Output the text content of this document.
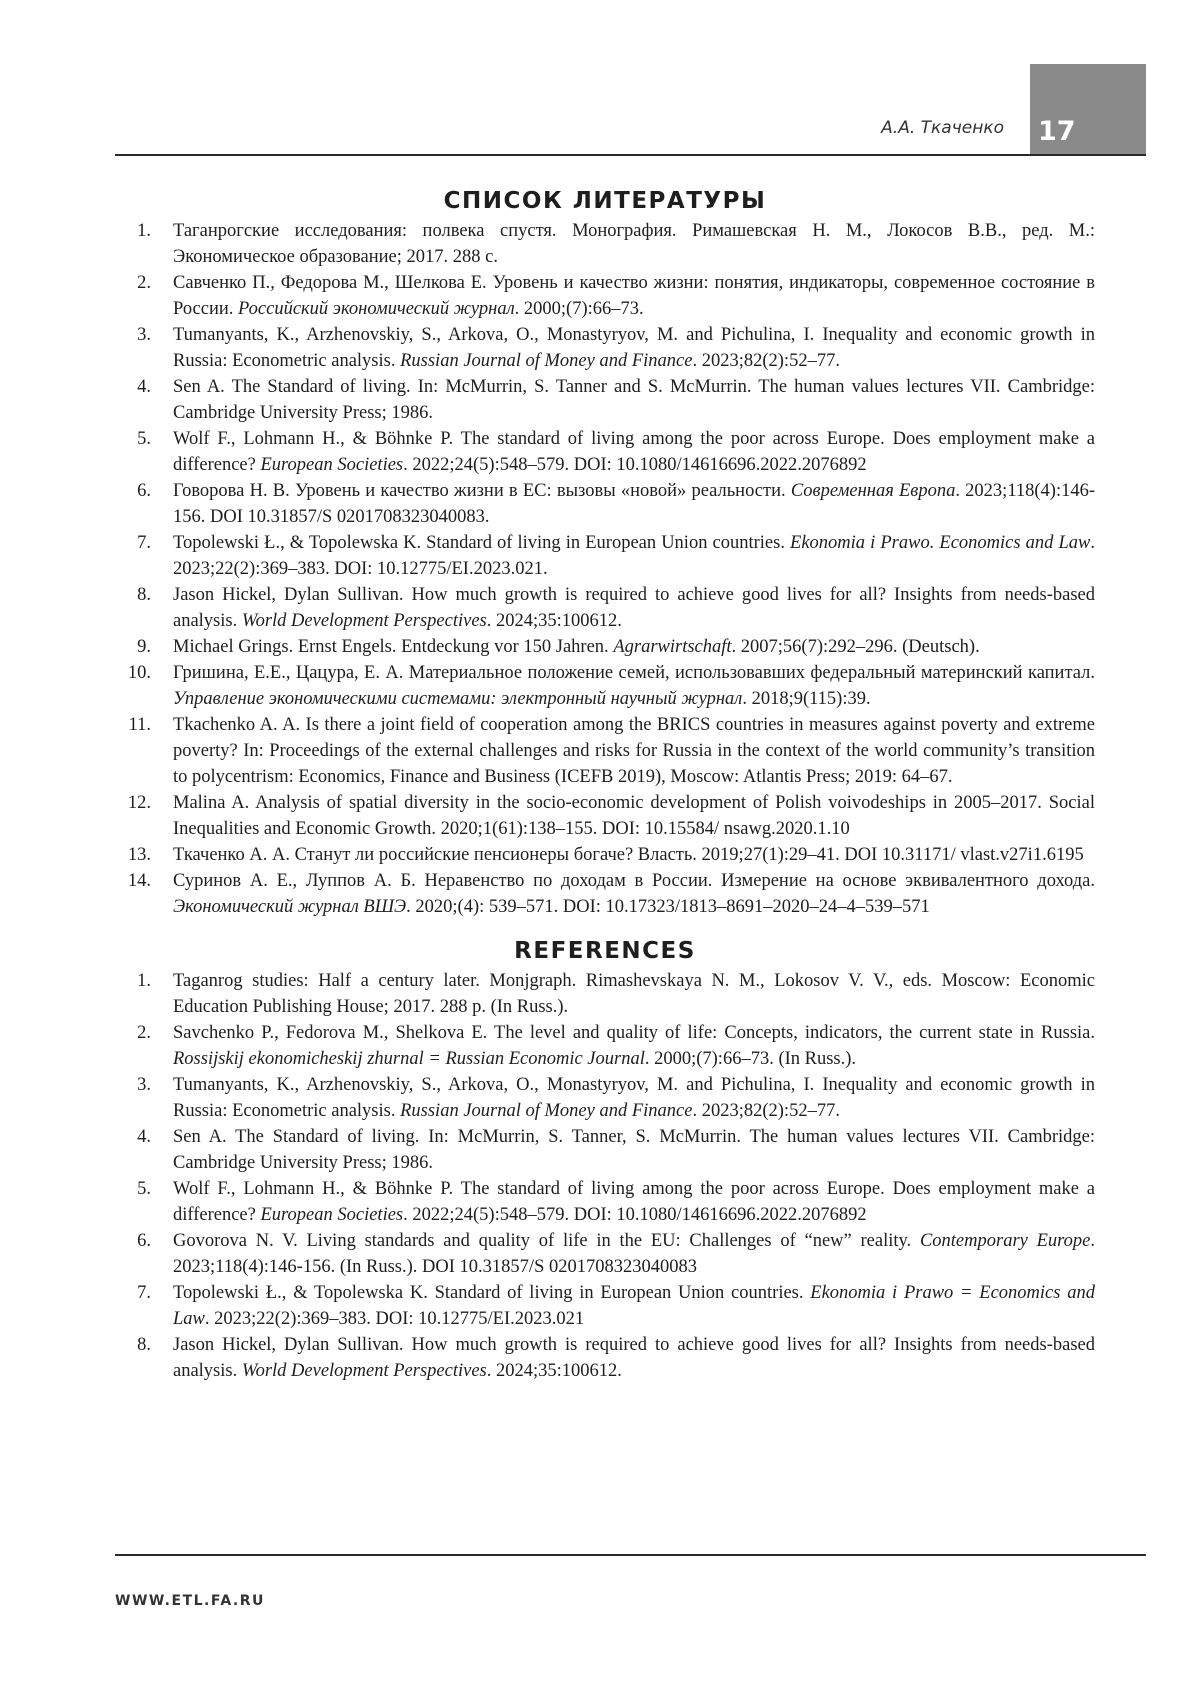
17
А.А. Ткаченко
СПИСОК ЛИТЕРАТУРЫ
1. Таганрогские исследования: полвека спустя. Монография. Римашевская Н. М., Локосов В.В., ред. М.: Экономическое образование; 2017. 288 с.
2. Савченко П., Федорова М., Шелкова Е. Уровень и качество жизни: понятия, индикаторы, современное состояние в России. Российский экономический журнал. 2000;(7):66–73.
3. Tumanyants, K., Arzhenovskiy, S., Arkova, O., Monastyryov, M. and Pichulina, I. Inequality and economic growth in Russia: Econometric analysis. Russian Journal of Money and Finance. 2023;82(2):52–77.
4. Sen A. The Standard of living. In: McMurrin, S. Tanner and S. McMurrin. The human values lectures VII. Cambridge: Cambridge University Press; 1986.
5. Wolf F., Lohmann H., & Böhnke P. The standard of living among the poor across Europe. Does employment make a difference? European Societies. 2022;24(5):548–579. DOI: 10.1080/14616696.2022.2076892
6. Говорова Н. В. Уровень и качество жизни в ЕС: вызовы «новой» реальности. Современная Европа. 2023;118(4):146-156. DOI 10.31857/S 0201708323040083.
7. Topolewski Ł., & Topolewska K. Standard of living in European Union countries. Ekonomia i Prawo. Economics and Law. 2023;22(2):369–383. DOI: 10.12775/EI.2023.021.
8. Jason Hickel, Dylan Sullivan. How much growth is required to achieve good lives for all? Insights from needs-based analysis. World Development Perspectives. 2024;35:100612.
9. Michael Grings. Ernst Engels. Entdeckung vor 150 Jahren. Agrarwirtschaft. 2007;56(7):292–296. (Deutsch).
10. Гришина, Е.Е., Цацура, Е. А. Материальное положение семей, использовавших федеральный материнский капитал. Управление экономическими системами: электронный научный журнал. 2018;9(115):39.
11. Tkachenko A. A. Is there a joint field of cooperation among the BRICS countries in measures against poverty and extreme poverty? In: Proceedings of the external challenges and risks for Russia in the context of the world community’s transition to polycentrism: Economics, Finance and Business (ICEFB 2019), Moscow: Atlantis Press; 2019: 64–67.
12. Malina A. Analysis of spatial diversity in the socio-economic development of Polish voivodeships in 2005–2017. Social Inequalities and Economic Growth. 2020;1(61):138–155. DOI: 10.15584/ nsawg.2020.1.10
13. Ткаченко А. А. Станут ли российские пенсионеры богаче? Власть. 2019;27(1):29–41. DOI 10.31171/ vlast.v27i1.6195
14. Суринов А. Е., Луппов А. Б. Неравенство по доходам в России. Измерение на основе эквивалентного дохода. Экономический журнал ВШЭ. 2020;(4): 539–571. DOI: 10.17323/1813–8691–2020–24–4–539–571
REFERENCES
1. Taganrog studies: Half a century later. Monjgraph. Rimashevskaya N. M., Lokosov V. V., eds. Moscow: Economic Education Publishing House; 2017. 288 p. (In Russ.).
2. Savchenko P., Fedorova M., Shelkova E. The level and quality of life: Concepts, indicators, the current state in Russia. Rossijskij ekonomicheskij zhurnal = Russian Economic Journal. 2000;(7):66–73. (In Russ.).
3. Tumanyants, K., Arzhenovskiy, S., Arkova, O., Monastyryov, M. and Pichulina, I. Inequality and economic growth in Russia: Econometric analysis. Russian Journal of Money and Finance. 2023;82(2):52–77.
4. Sen A. The Standard of living. In: McMurrin, S. Tanner, S. McMurrin. The human values lectures VII. Cambridge: Cambridge University Press; 1986.
5. Wolf F., Lohmann H., & Böhnke P. The standard of living among the poor across Europe. Does employment make a difference? European Societies. 2022;24(5):548–579. DOI: 10.1080/14616696.2022.2076892
6. Govorova N. V. Living standards and quality of life in the EU: Challenges of “new” reality. Contemporary Europe. 2023;118(4):146-156. (In Russ.). DOI 10.31857/S 0201708323040083
7. Topolewski Ł., & Topolewska K. Standard of living in European Union countries. Ekonomia i Prawo = Economics and Law. 2023;22(2):369–383. DOI: 10.12775/EI.2023.021
8. Jason Hickel, Dylan Sullivan. How much growth is required to achieve good lives for all? Insights from needs-based analysis. World Development Perspectives. 2024;35:100612.
WWW.ETL.FA.RU
